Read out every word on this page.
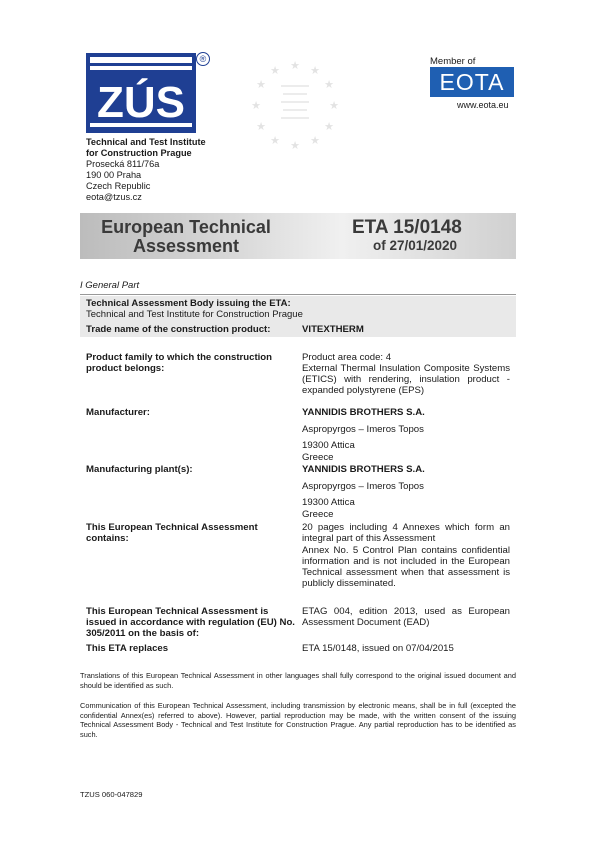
ZÚS
®
Technical and Test Institute
for Construction Prague
Prosecká 811/76a
190 00 Praha
Czech Republic
eota@tzus.cz
★ ★
★
★
★
★
★
★
★
★
★
★
Member of
EOTA
www.eota.eu
European Technical Assessment
ETA 15/0148
of 27/01/2020
I General Part
Technical Assessment Body issuing the ETA:
Technical and Test Institute for Construction Prague
Trade name of the construction product:	VITEXTHERM
Product family to which the construction product belongs:
Product area code: 4
External Thermal Insulation Composite Systems (ETICS) with rendering, insulation product - expanded polystyrene (EPS)
Manufacturer:	YANNIDIS BROTHERS S.A.
Aspropyrgos – Imeros Topos
19300 Attica
Greece
Manufacturing plant(s):	YANNIDIS BROTHERS S.A.
Aspropyrgos – Imeros Topos
19300 Attica
Greece
This European Technical Assessment contains:
20 pages including 4 Annexes which form an integral part of this Assessment
Annex No. 5 Control Plan contains confidential information and is not included in the European Technical assessment when that assessment is publicly disseminated.
This European Technical Assessment is issued in accordance with regulation (EU) No. 305/2011 on the basis of:
ETAG 004, edition 2013, used as European Assessment Document (EAD)
This ETA replaces	ETA 15/0148, issued on 07/04/2015
Translations of this European Technical Assessment in other languages shall fully correspond to the original issued document and should be identified as such.
Communication of this European Technical Assessment, including transmission by electronic means, shall be in full (excepted the confidential Annex(es) referred to above). However, partial reproduction may be made, with the written consent of the issuing Technical Assessment Body - Technical and Test Institute for Construction Prague. Any partial reproduction has to be identified as such.
TZUS 060-047829
